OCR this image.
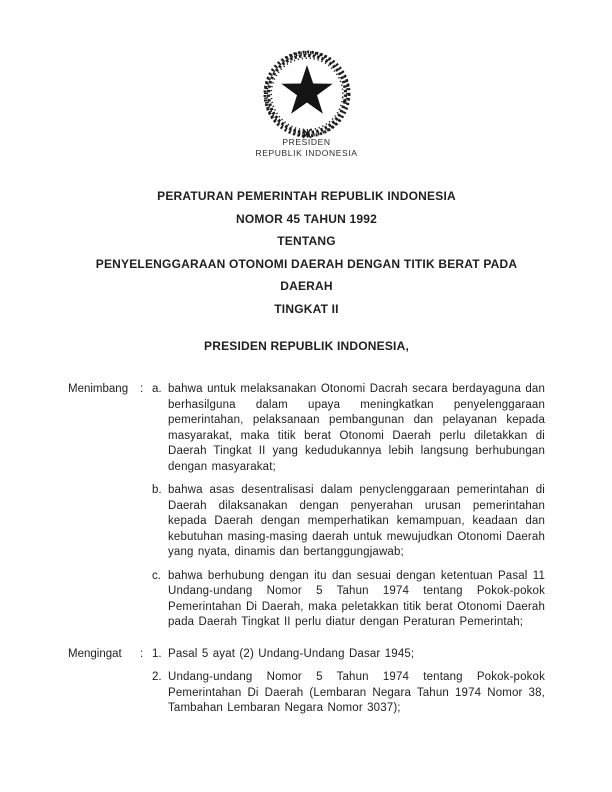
PRESIDEN
REPUBLIK INDONESIA
PERATURAN PEMERINTAH REPUBLIK INDONESIA
NOMOR 45 TAHUN 1992
TENTANG
PENYELENGGARAAN OTONOMI DAERAH DENGAN TITIK BERAT PADA DAERAH
TINGKAT II
PRESIDEN REPUBLIK INDONESIA,
Menimbang	: a. bahwa untuk melaksanakan Otonomi Dacrah secara berdayaguna dan berhasilguna dalam upaya meningkatkan penyelenggaraan pemerintahan, pelaksanaan pembangunan dan pelayanan kepada masyarakat, maka titik berat Otonomi Daerah perlu diletakkan di Daerah Tingkat II yang kedudukannya lebih langsung berhubungan dengan masyarakat;
b. bahwa asas desentralisasi dalam penyclenggaraan pemerintahan di Daerah dilaksanakan dengan penyerahan urusan pemerintahan kepada Daerah dengan memperhatikan kemampuan, keadaan dan kebutuhan masing-masing daerah untuk mewujudkan Otonomi Daerah yang nyata, dinamis dan bertanggungjawab;
c. bahwa berhubung dengan itu dan sesuai dengan ketentuan Pasal 11 Undang-undang Nomor 5 Tahun 1974 tentang Pokok-pokok Pemerintahan Di Daerah, maka peletakkan titik berat Otonomi Daerah pada Daerah Tingkat II perlu diatur dengan Peraturan Pemerintah;
Mengingat	: 1. Pasal 5 ayat (2) Undang-Undang Dasar 1945;
2. Undang-undang Nomor 5 Tahun 1974 tentang Pokok-pokok Pemerintahan Di Daerah (Lembaran Negara Tahun 1974 Nomor 38, Tambahan Lembaran Negara Nomor 3037);
